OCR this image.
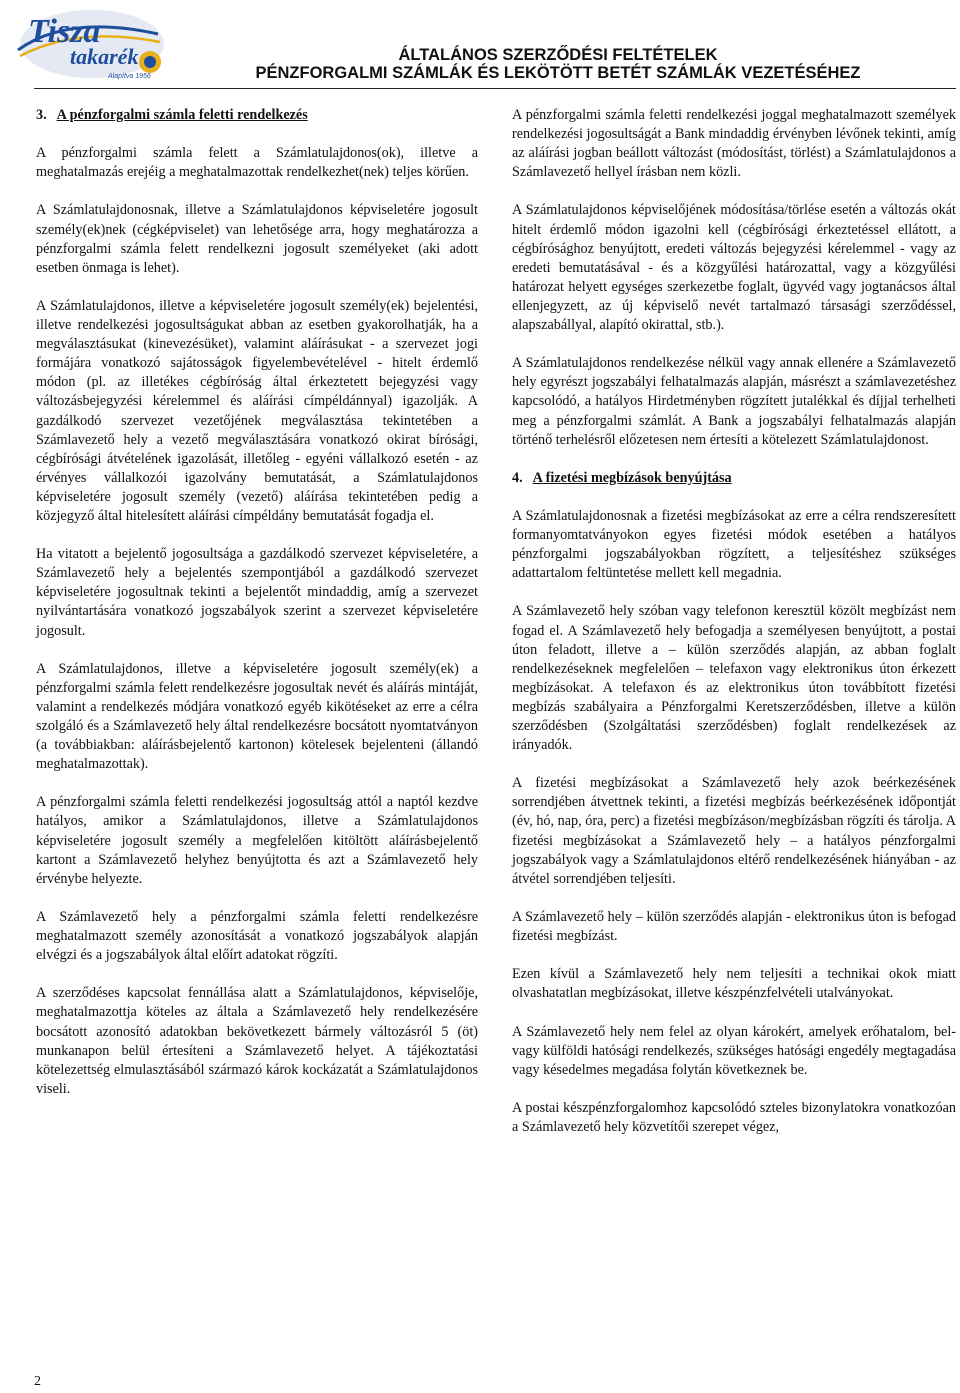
Tisza
takarék
Alapítva 1956
ÁLTALÁNOS SZERZŐDÉSI FELTÉTELEK
PÉNZFORGALMI SZÁMLÁK ÉS LEKÖTÖTT BETÉT SZÁMLÁK VEZETÉSÉHEZ
3. A pénzforgalmi számla feletti rendelkezés

A pénzforgalmi számla felett a Számlatulajdonos(ok), illetve a meghatalmazás erejéig a meghatalmazottak rendelkezhet(nek) teljes körűen.

A Számlatulajdonosnak, illetve a Számlatulajdonos képviseletére jogosult személy(ek)nek (cégképviselet) van lehetősége arra, hogy meghatározza a pénzforgalmi számla felett rendelkezni jogosult személyeket (aki adott esetben önmaga is lehet).

A Számlatulajdonos, illetve a képviseletére jogosult személy(ek) bejelentési, illetve rendelkezési jogosultságukat abban az esetben gyakorolhatják, ha a megválasztásukat (kinevezésüket), valamint aláírásukat - a szervezet jogi formájára vonatkozó sajátosságok figyelembevételével - hitelt érdemlő módon (pl. az illetékes cégbíróság által érkeztetett bejegyzési vagy változásbejegyzési kérelemmel és aláírási címpéldánnyal) igazolják. A gazdálkodó szervezet vezetőjének megválasztása tekintetében a Számlavezető hely a vezető megválasztására vonatkozó okirat bírósági, cégbírósági átvételének igazolását, illetőleg - egyéni vállalkozó esetén - az érvényes vállalkozói igazolvány bemutatását, a Számlatulajdonos képviseletére jogosult személy (vezető) aláírása tekintetében pedig a közjegyző által hitelesített aláírási címpéldány bemutatását fogadja el.

Ha vitatott a bejelentő jogosultsága a gazdálkodó szervezet képviseletére, a Számlavezető hely a bejelentés szempontjából a gazdálkodó szervezet képviseletére jogosultnak tekinti a bejelentőt mindaddig, amíg a szervezet nyilvántartására vonatkozó jogszabályok szerint a szervezet képviseletére jogosult.

A Számlatulajdonos, illetve a képviseletére jogosult személy(ek) a pénzforgalmi számla felett rendelkezésre jogosultak nevét és aláírás mintáját, valamint a rendelkezés módjára vonatkozó egyéb kikötéseket az erre a célra szolgáló és a Számlavezető hely által rendelkezésre bocsátott nyomtatványon (a továbbiakban: aláírásbejelentő kartonon) kötelesek bejelenteni (állandó meghatalmazottak).

A pénzforgalmi számla feletti rendelkezési jogosultság attól a naptól kezdve hatályos, amikor a Számlatulajdonos, illetve a Számlatulajdonos képviseletére jogosult személy a megfelelően kitöltött aláírásbejelentő kartont a Számlavezető helyhez benyújtotta és azt a Számlavezető hely érvénybe helyezte.

A Számlavezető hely a pénzforgalmi számla feletti rendelkezésre meghatalmazott személy azonosítását a vonatkozó jogszabályok alapján elvégzi és a jogszabályok által előírt adatokat rögzíti.

A szerződéses kapcsolat fennállása alatt a Számlatulajdonos, képviselője, meghatalmazottja köteles az általa a Számlavezető hely rendelkezésére bocsátott azonosító adatokban bekövetkezett bármely változásról 5 (öt) munkanapon belül értesíteni a Számlavezető helyet. A tájékoztatási kötelezettség elmulasztásából származó károk kockázatát a Számlatulajdonos viseli.

A pénzforgalmi számla feletti rendelkezési joggal meghatalmazott személyek rendelkezési jogosultságát a Bank mindaddig érvényben lévőnek tekinti, amíg az aláírási jogban beállott változást (módosítást, törlést) a Számlatulajdonos a Számlavezető hellyel írásban nem közli.

A Számlatulajdonos képviselőjének módosítása/törlése esetén a változás okát hitelt érdemlő módon igazolni kell (cégbírósági érkeztetéssel ellátott, a cégbírósághoz benyújtott, eredeti változás bejegyzési kérelemmel - vagy az eredeti bemutatásával - és a közgyűlési határozattal, vagy a közgyűlési határozat helyett egységes szerkezetbe foglalt, ügyvéd vagy jogtanácsos által ellenjegyzett, az új képviselő nevét tartalmazó társasági szerződéssel, alapszabállyal, alapító okirattal, stb.).

A Számlatulajdonos rendelkezése nélkül vagy annak ellenére a Számlavezető hely egyrészt jogszabályi felhatalmazás alapján, másrészt a számlavezetéshez kapcsolódó, a hatályos Hirdetményben rögzített jutalékkal és díjjal terhelheti meg a pénzforgalmi számlát. A Bank a jogszabályi felhatalmazás alapján történő terhelésről előzetesen nem értesíti a kötelezett Számlatulajdonost.

4. A fizetési megbízások benyújtása

A Számlatulajdonosnak a fizetési megbízásokat az erre a célra rendszeresített formanyomtatványokon egyes fizetési módok esetében a hatályos pénzforgalmi jogszabályokban rögzített, a teljesítéshez szükséges adattartalom feltüntetése mellett kell megadnia.

A Számlavezető hely szóban vagy telefonon keresztül közölt megbízást nem fogad el. A Számlavezető hely befogadja a személyesen benyújtott, a postai úton feladott, illetve a – külön szerződés alapján, az abban foglalt rendelkezéseknek megfelelően – telefaxon vagy elektronikus úton érkezett megbízásokat. A telefaxon és az elektronikus úton továbbított fizetési megbízás szabályaira a Pénzforgalmi Keretszerződésben, illetve a külön szerződésben (Szolgáltatási szerződésben) foglalt rendelkezések az irányadók.

A fizetési megbízásokat a Számlavezető hely azok beérkezésének sorrendjében átvettnek tekinti, a fizetési megbízás beérkezésének időpontját (év, hó, nap, óra, perc) a fizetési megbízáson/megbízásban rögzíti és tárolja. A fizetési megbízásokat a Számlavezető hely – a hatályos pénzforgalmi jogszabályok vagy a Számlatulajdonos eltérő rendelkezésének hiányában - az átvétel sorrendjében teljesíti.

A Számlavezető hely – külön szerződés alapján - elektronikus úton is befogad fizetési megbízást.

Ezen kívül a Számlavezető hely nem teljesíti a technikai okok miatt olvashatatlan megbízásokat, illetve készpénzfelvételi utalványokat.

A Számlavezető hely nem felel az olyan károkért, amelyek erőhatalom, bel- vagy külföldi hatósági rendelkezés, szükséges hatósági engedély megtagadása vagy késedelmes megadása folytán következnek be.

A postai készpénzforgalomhoz kapcsolódó szteles bizonylatokra vonatkozóan a Számlavezető hely közvetítői szerepet végez,

2
